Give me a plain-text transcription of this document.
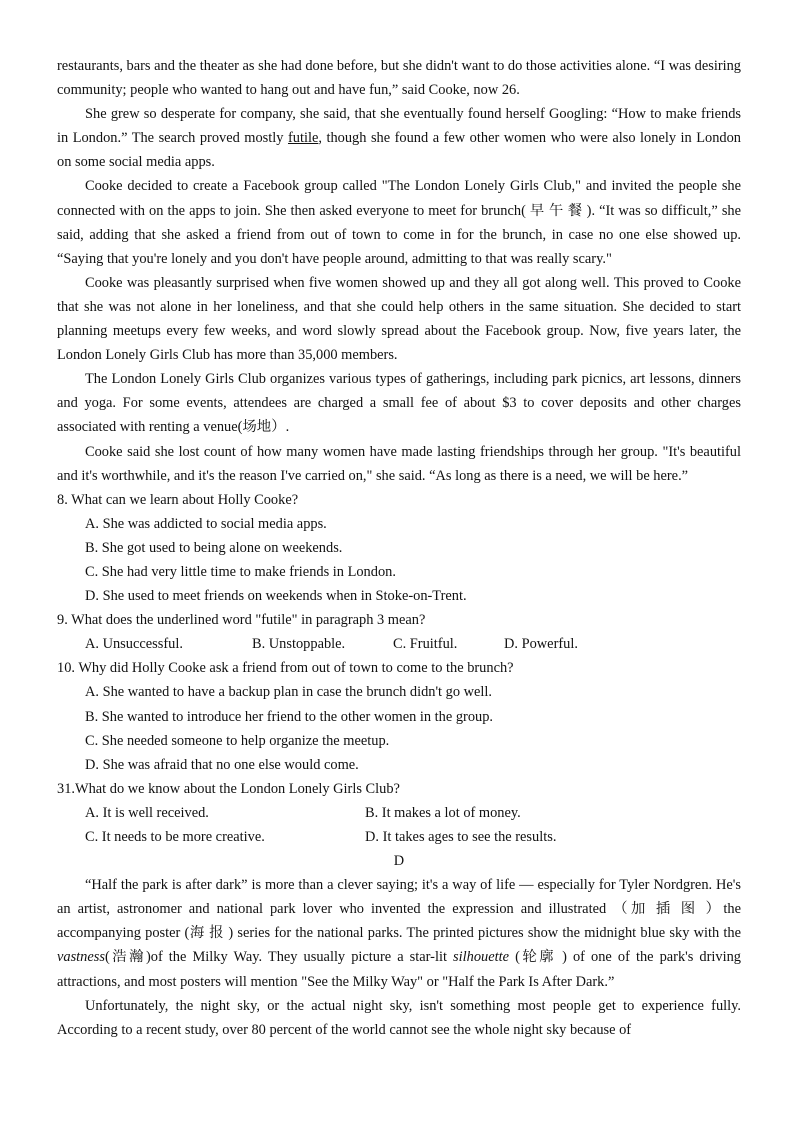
restaurants, bars and the theater as she had done before, but she didn't want to do those activities alone. “I was desiring community; people who wanted to hang out and have fun,” said Cooke, now 26.

She grew so desperate for company, she said, that she eventually found herself Googling: “How to make friends in London.” The search proved mostly futile, though she found a few other women who were also lonely in London on some social media apps.

Cooke decided to create a Facebook group called "The London Lonely Girls Club," and invited the people she connected with on the apps to join. She then asked everyone to meet for brunch( 早 午 餐 ). “It was so difficult,” she said, adding that she asked a friend from out of town to come in for the brunch, in case no one else showed up. “Saying that you're lonely and you don't have people around, admitting to that was really scary."

Cooke was pleasantly surprised when five women showed up and they all got along well. This proved to Cooke that she was not alone in her loneliness, and that she could help others in the same situation. She decided to start planning meetups every few weeks, and word slowly spread about the Facebook group. Now, five years later, the London Lonely Girls Club has more than 35,000 members.

The London Lonely Girls Club organizes various types of gatherings, including park picnics, art lessons, dinners and yoga. For some events, attendees are charged a small fee of about $3 to cover deposits and other charges associated with renting a venue(场地）.

Cooke said she lost count of how many women have made lasting friendships through her group. "It's beautiful and it's worthwhile, and it's the reason I've carried on," she said. “As long as there is a need, we will be here.”

8. What can we learn about Holly Cooke?

A. She was addicted to social media apps.

B. She got used to being alone on weekends.

C. She had very little time to make friends in London.

D. She used to meet friends on weekends when in Stoke-on-Trent.

9. What does the underlined word "futile" in paragraph 3 mean?

A. Unsuccessful.	B. Unstoppable.	C. Fruitful.	D. Powerful.

10. Why did Holly Cooke ask a friend from out of town to come to the brunch?

A. She wanted to have a backup plan in case the brunch didn't go well.

B. She wanted to introduce her friend to the other women in the group.

C. She needed someone to help organize the meetup.

D. She was afraid that no one else would come.

31.What do we know about the London Lonely Girls Club?

A. It is well received.	B. It makes a lot of money.
C. It needs to be more creative.	D. It takes ages to see the results.

D

“Half the park is after dark” is more than a clever saying; it's a way of life — especially for Tyler Nordgren. He's an artist, astronomer and national park lover who invented the expression and illustrated （加 插 图 ）the accompanying poster (海 报 ) series for the national parks. The printed pictures show the midnight blue sky with the vastness(浩瀚)of the Milky Way. They usually picture a star-lit silhouette (轮廓 ) of one of the park's driving attractions, and most posters will mention "See the Milky Way" or "Half the Park Is After Dark.”

Unfortunately, the night sky, or the actual night sky, isn't something most people get to experience fully. According to a recent study, over 80 percent of the world cannot see the whole night sky because of
